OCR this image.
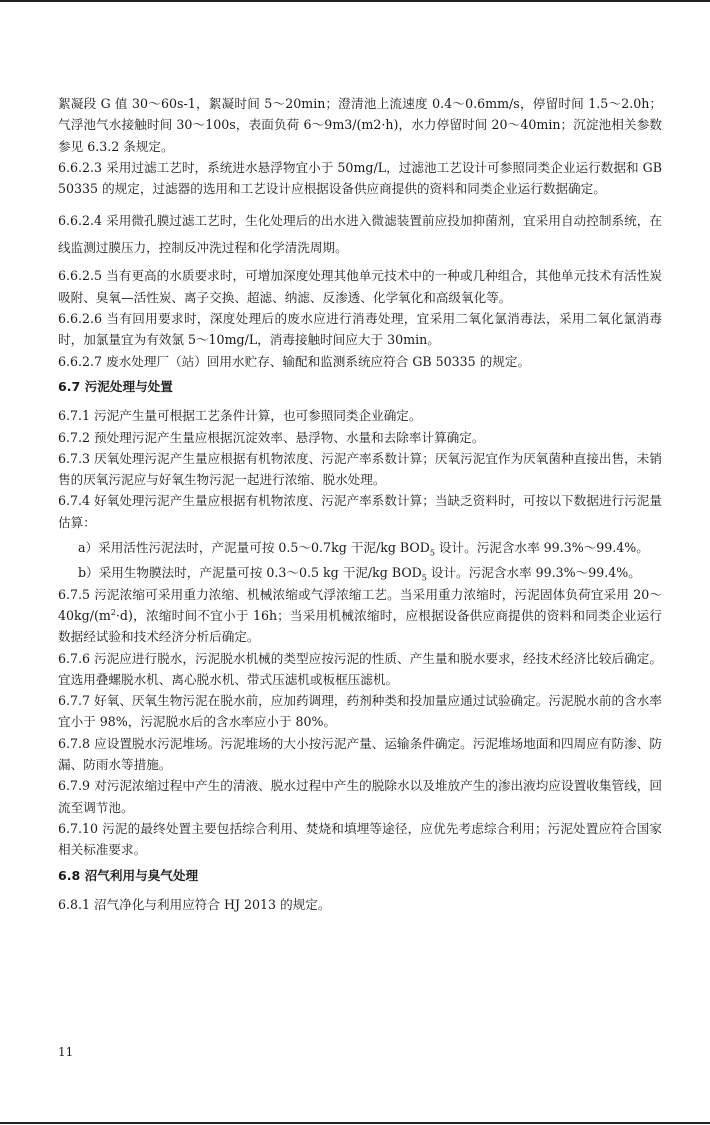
絮凝段 G 值 30～60s-1，絮凝时间 5～20min；澄清池上流速度 0.4～0.6mm/s，停留时间 1.5～2.0h；气浮池气水接触时间 30～100s，表面负荷 6～9m3/(m2·h)，水力停留时间 20～40min；沉淀池相关参数参见 6.3.2 条规定。

6.6.2.3 采用过滤工艺时，系统进水悬浮物宜小于 50mg/L，过滤池工艺设计可参照同类企业运行数据和 GB 50335 的规定，过滤器的选用和工艺设计应根据设备供应商提供的资料和同类企业运行数据确定。

6.6.2.4 采用微孔膜过滤工艺时，生化处理后的出水进入微滤装置前应投加抑菌剂，宜采用自动控制系统，在线监测过膜压力，控制反冲洗过程和化学清洗周期。

6.6.2.5 当有更高的水质要求时，可增加深度处理其他单元技术中的一种或几种组合，其他单元技术有活性炭吸附、臭氧—活性炭、离子交换、超滤、纳滤、反渗透、化学氧化和高级氧化等。

6.6.2.6 当有回用要求时，深度处理后的废水应进行消毒处理，宜采用二氧化氯消毒法，采用二氧化氯消毒时，加氯量宜为有效氯 5～10mg/L，消毒接触时间应大于 30min。

6.6.2.7 废水处理厂（站）回用水贮存、输配和监测系统应符合 GB 50335 的规定。

6.7 污泥处理与处置

6.7.1 污泥产生量可根据工艺条件计算，也可参照同类企业确定。

6.7.2 预处理污泥产生量应根据沉淀效率、悬浮物、水量和去除率计算确定。

6.7.3 厌氧处理污泥产生量应根据有机物浓度、污泥产率系数计算；厌氧污泥宜作为厌氧菌种直接出售，未销售的厌氧污泥应与好氧生物污泥一起进行浓缩、脱水处理。

6.7.4 好氧处理污泥产生量应根据有机物浓度、污泥产率系数计算；当缺乏资料时，可按以下数据进行污泥量估算：

a）采用活性污泥法时，产泥量可按 0.5～0.7kg 干泥/kg $BOD_5$ 设计。污泥含水率 99.3%～99.4%。

b）采用生物膜法时，产泥量可按 0.3～0.5 kg 干泥/kg $BOD_5$ 设计。污泥含水率 99.3%～99.4%。

6.7.5 污泥浓缩可采用重力浓缩、机械浓缩或气浮浓缩工艺。当采用重力浓缩时，污泥固体负荷宜采用 $20\sim 40kg/(m^2\cdot d)$，浓缩时间不宜小于 16h；当采用机械浓缩时，应根据设备供应商提供的资料和同类企业运行数据经试验和技术经济分析后确定。

6.7.6 污泥应进行脱水，污泥脱水机械的类型应按污泥的性质、产生量和脱水要求，经技术经济比较后确定。宜选用叠螺脱水机、离心脱水机、带式压滤机或板框压滤机。

6.7.7 好氧、厌氧生物污泥在脱水前，应加药调理，药剂种类和投加量应通过试验确定。污泥脱水前的含水率宜小于 98%，污泥脱水后的含水率应小于 80%。

6.7.8 应设置脱水污泥堆场。污泥堆场的大小按污泥产量、运输条件确定。污泥堆场地面和四周应有防渗、防漏、防雨水等措施。

6.7.9 对污泥浓缩过程中产生的清液、脱水过程中产生的脱除水以及堆放产生的渗出液均应设置收集管线，回流至调节池。

6.7.10 污泥的最终处置主要包括综合利用、焚烧和填埋等途径，应优先考虑综合利用；污泥处置应符合国家相关标准要求。

6.8 沼气利用与臭气处理

6.8.1 沼气净化与利用应符合 HJ 2013 的规定。

11
